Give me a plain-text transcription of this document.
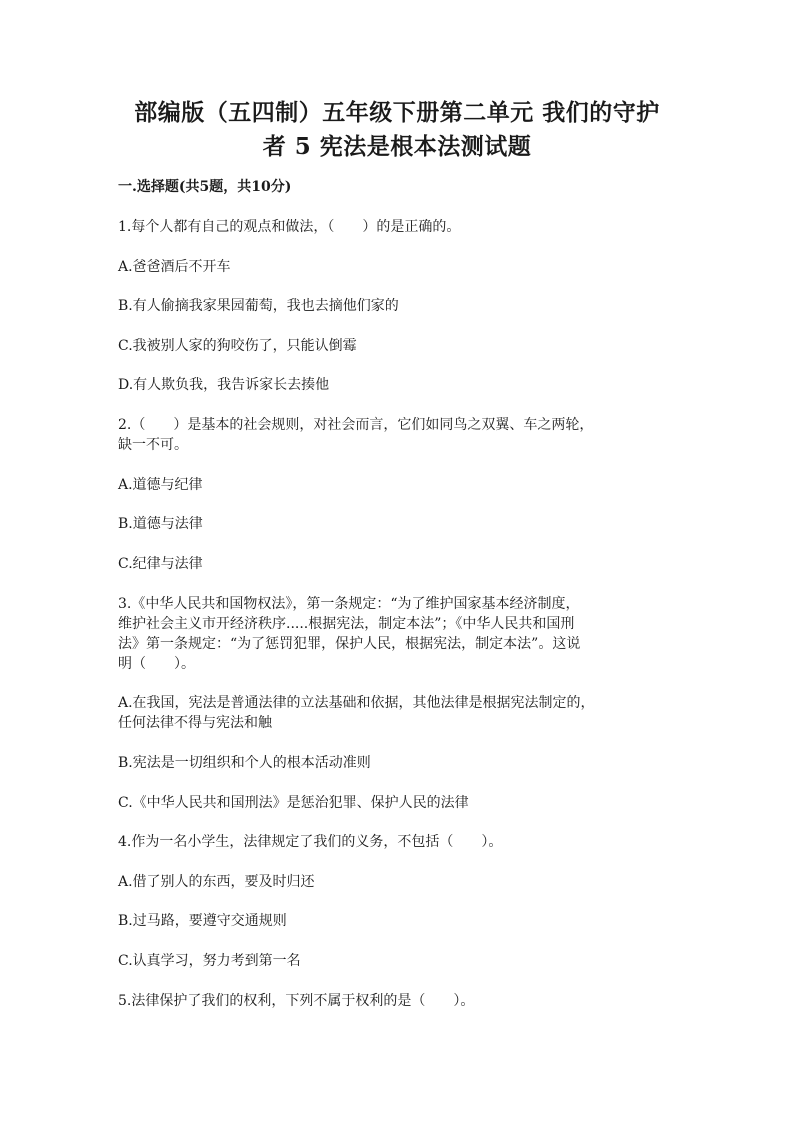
部编版（五四制）五年级下册第二单元 我们的守护
者 5 宪法是根本法测试题
一.选择题(共5题，共10分)

1.每个人都有自己的观点和做法，（　　）的是正确的。

A.爸爸酒后不开车

B.有人偷摘我家果园葡萄，我也去摘他们家的

C.我被别人家的狗咬伤了，只能认倒霉

D.有人欺负我，我告诉家长去揍他

2.（　　）是基本的社会规则，对社会而言，它们如同鸟之双翼、车之两轮，

缺一不可。

A.道德与纪律

B.道德与法律

C.纪律与法律

3.《中华人民共和国物权法》，第一条规定：“为了维护国家基本经济制度，

维护社会主义市开经济秩序.....根据宪法，制定本法”；《中华人民共和国刑

法》第一条规定：“为了惩罚犯罪，保护人民，根据宪法，制定本法”。这说

明（　　）。

A.在我国，宪法是普通法律的立法基础和依据，其他法律是根据宪法制定的，

任何法律不得与宪法和触

B.宪法是一切组织和个人的根本活动准则

C.《中华人民共和国刑法》是惩治犯罪、保护人民的法律

4.作为一名小学生，法律规定了我们的义务，不包括（　　）。

A.借了别人的东西，要及时归还

B.过马路，要遵守交通规则

C.认真学习，努力考到第一名

5.法律保护了我们的权利，下列不属于权利的是（　　）。
